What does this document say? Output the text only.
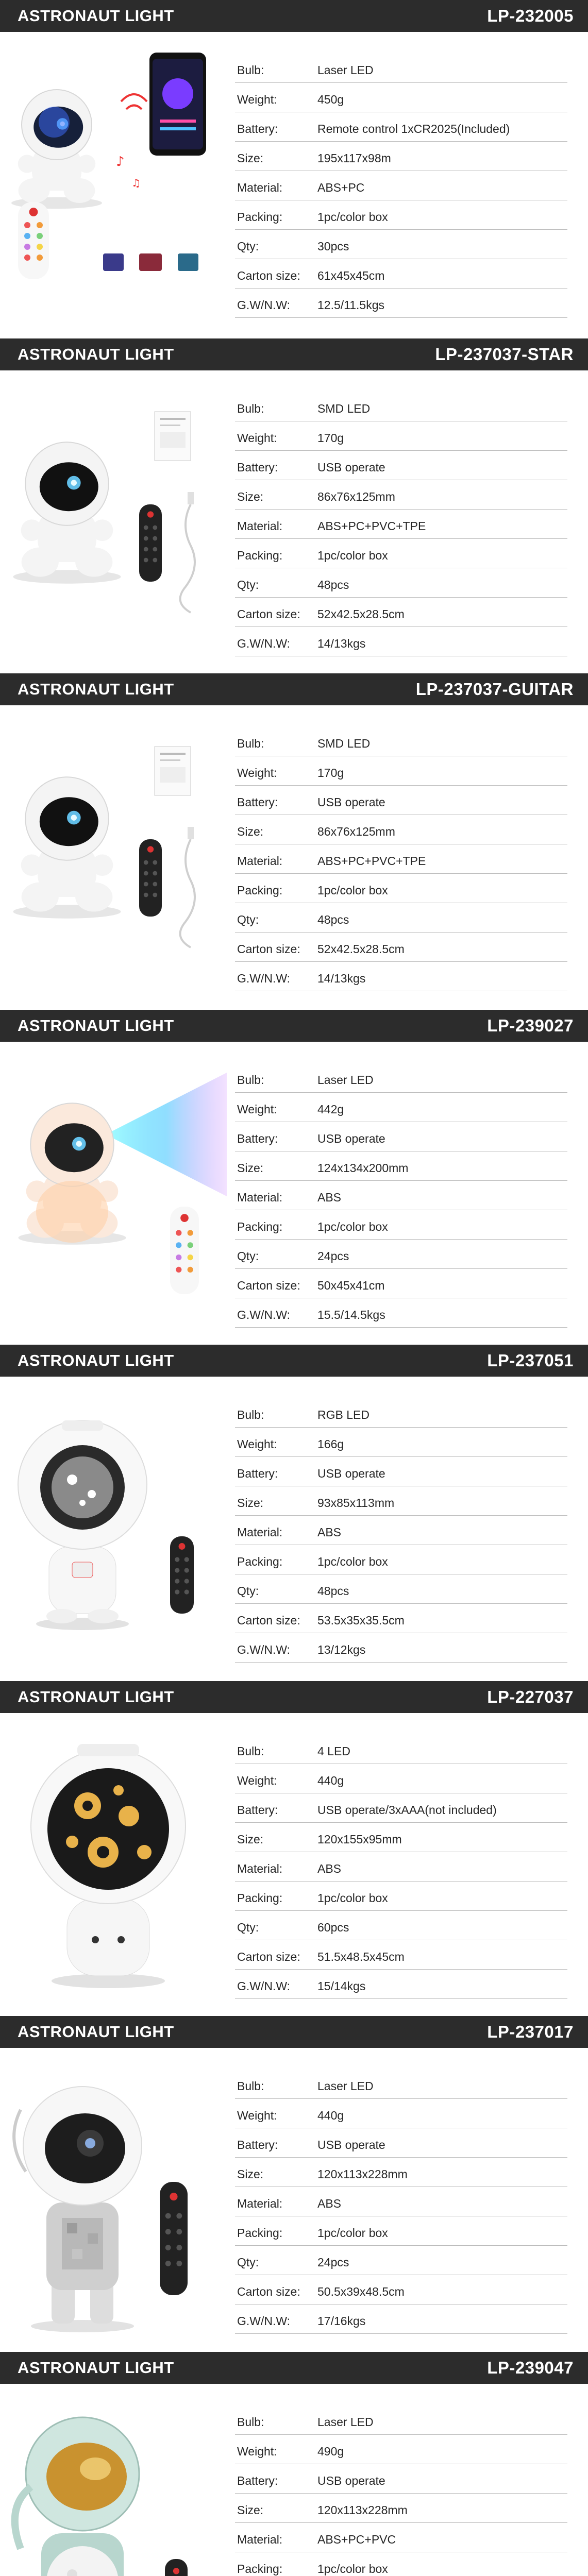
ASTRONAUT LIGHT	LP-232005
♪
♫
Bulb:	Laser LED
Weight:	450g
Battery:	Remote control 1xCR2025(Included)
Size:	195x117x98m
Material:	ABS+PC
Packing:	1pc/color box
Qty:	30pcs
Carton size:	61x45x45cm
G.W/N.W:	12.5/11.5kgs
ASTRONAUT LIGHT	LP-237037-STAR
Bulb:	SMD LED
Weight:	170g
Battery:	USB operate
Size:	86x76x125mm
Material:	ABS+PC+PVC+TPE
Packing:	1pc/color box
Qty:	48pcs
Carton size:	52x42.5x28.5cm
G.W/N.W:	14/13kgs
ASTRONAUT LIGHT	LP-237037-GUITAR
Bulb:	SMD LED
Weight:	170g
Battery:	USB operate
Size:	86x76x125mm
Material:	ABS+PC+PVC+TPE
Packing:	1pc/color box
Qty:	48pcs
Carton size:	52x42.5x28.5cm
G.W/N.W:	14/13kgs
ASTRONAUT LIGHT	LP-239027
Bulb:	Laser LED
Weight:	442g
Battery:	USB operate
Size:	124x134x200mm
Material:	ABS
Packing:	1pc/color box
Qty:	24pcs
Carton size:	50x45x41cm
G.W/N.W:	15.5/14.5kgs
ASTRONAUT LIGHT	LP-237051
Bulb:	RGB LED
Weight:	166g
Battery:	USB operate
Size:	93x85x113mm
Material:	ABS
Packing:	1pc/color box
Qty:	48pcs
Carton size:	53.5x35x35.5cm
G.W/N.W:	13/12kgs
ASTRONAUT LIGHT	LP-227037
Bulb:	4 LED
Weight:	440g
Battery:	USB operate/3xAAA(not included)
Size:	120x155x95mm
Material:	ABS
Packing:	1pc/color box
Qty:	60pcs
Carton size:	51.5x48.5x45cm
G.W/N.W:	15/14kgs
ASTRONAUT LIGHT	LP-237017
Bulb:	Laser LED
Weight:	440g
Battery:	USB operate
Size:	120x113x228mm
Material:	ABS
Packing:	1pc/color box
Qty:	24pcs
Carton size:	50.5x39x48.5cm
G.W/N.W:	17/16kgs
ASTRONAUT LIGHT	LP-239047
Bulb:	Laser LED
Weight:	490g
Battery:	USB operate
Size:	120x113x228mm
Material:	ABS+PC+PVC
Packing:	1pc/color box
